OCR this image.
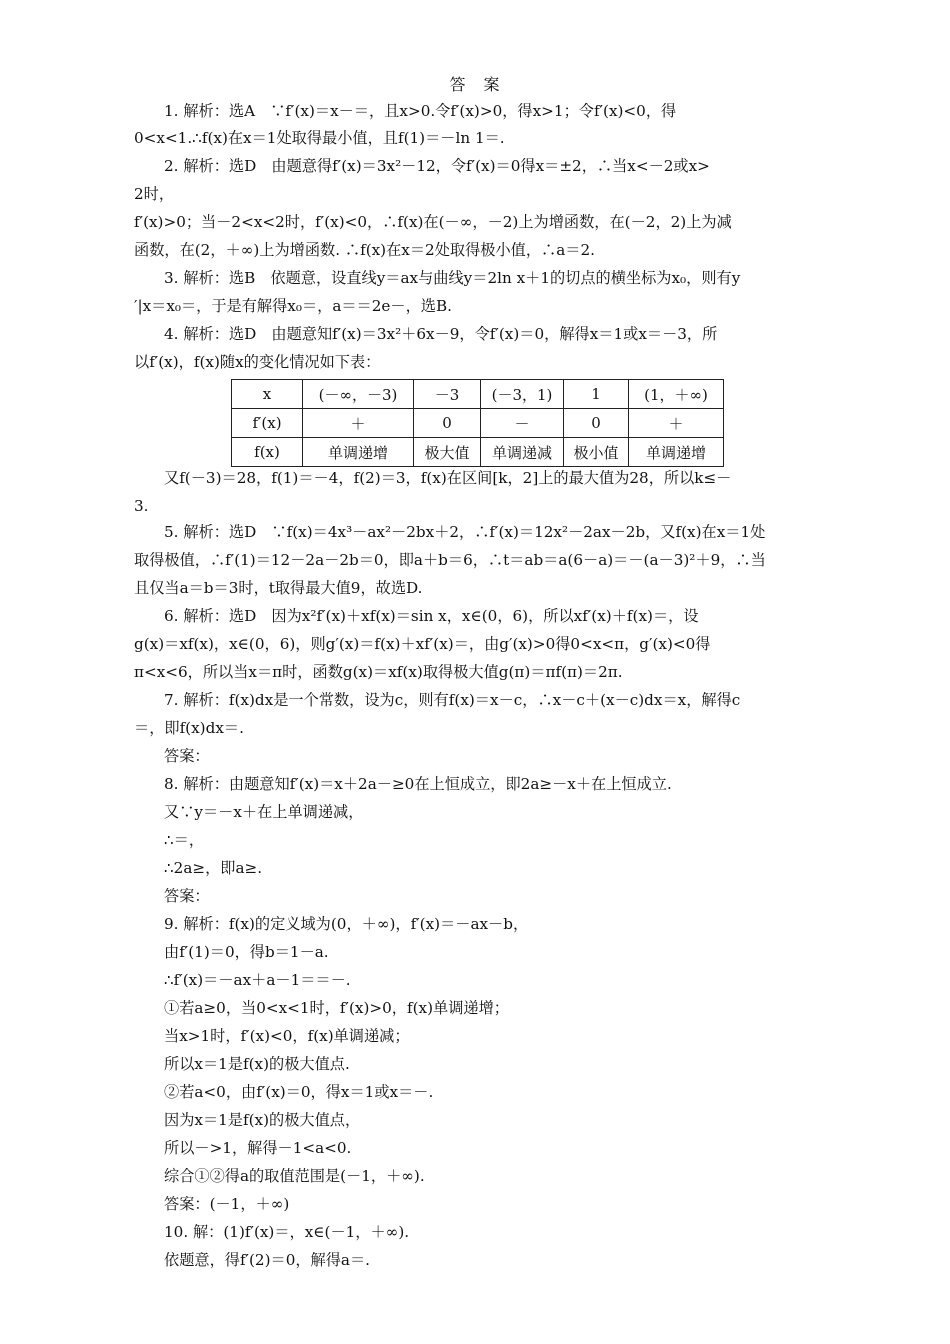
答　案
1. 解析：选A　∵f′(x)＝x－＝，且x>0.令f′(x)>0，得x>1；令f′(x)<0，得
0<x<1.∴f(x)在x＝1处取得最小值，且f(1)＝－ln 1＝.
2. 解析：选D　由题意得f′(x)＝3x²－12，令f′(x)＝0得x＝±2，∴当x<－2或x>
2时，
f′(x)>0；当－2<x<2时，f′(x)<0，∴f(x)在(－∞，－2)上为增函数，在(－2，2)上为减
函数，在(2，＋∞)上为增函数. ∴f(x)在x＝2处取得极小值，∴a＝2.
3. 解析：选B　依题意，设直线y＝ax与曲线y＝2ln x＋1的切点的横坐标为x₀，则有y
′|x＝x₀＝，于是有解得x₀＝，a＝＝2e－，选B.
4. 解析：选D　由题意知f′(x)＝3x²＋6x－9，令f′(x)＝0，解得x＝1或x＝－3，所
以f′(x)，f(x)随x的变化情况如下表：
x	(－∞，－3)	－3	(－3，1)	1	(1，＋∞)
f′(x)	＋	0	－	0	＋
f(x)	单调递增	极大值	单调递减	极小值	单调递增
又f(－3)＝28，f(1)＝－4，f(2)＝3，f(x)在区间[k，2]上的最大值为28，所以k≤－
3.
5. 解析：选D　∵f(x)＝4x³－ax²－2bx＋2，∴f′(x)＝12x²－2ax－2b，又f(x)在x＝1处
取得极值，∴f′(1)＝12－2a－2b＝0，即a＋b＝6，∴t＝ab＝a(6－a)＝－(a－3)²＋9，∴当
且仅当a＝b＝3时，t取得最大值9，故选D.
6. 解析：选D　因为x²f′(x)＋xf(x)＝sin x，x∈(0，6)，所以xf′(x)＋f(x)＝，设
g(x)＝xf(x)，x∈(0，6)，则g′(x)＝f(x)＋xf′(x)＝，由g′(x)>0得0<x<π，g′(x)<0得
π<x<6，所以当x＝π时，函数g(x)＝xf(x)取得极大值g(π)＝πf(π)＝2π.
7. 解析：f(x)dx是一个常数，设为c，则有f(x)＝x－c，∴x－c＋(x－c)dx＝x，解得c
＝，即f(x)dx＝.
答案：
8. 解析：由题意知f′(x)＝x＋2a－≥0在上恒成立，即2a≥－x＋在上恒成立.
又∵y＝－x＋在上单调递减，
∴＝，
∴2a≥，即a≥.
答案：
9. 解析：f(x)的定义域为(0，＋∞)，f′(x)＝－ax－b，
由f′(1)＝0，得b＝1－a.
∴f′(x)＝－ax＋a－1＝＝－.
①若a≥0，当0<x<1时，f′(x)>0，f(x)单调递增；
当x>1时，f′(x)<0，f(x)单调递减；
所以x＝1是f(x)的极大值点.
②若a<0，由f′(x)＝0，得x＝1或x＝－.
因为x＝1是f(x)的极大值点，
所以－>1，解得－1<a<0.
综合①②得a的取值范围是(－1，＋∞).
答案：(－1，＋∞)
10. 解：(1)f′(x)＝，x∈(－1，＋∞).
依题意，得f′(2)＝0，解得a＝.
